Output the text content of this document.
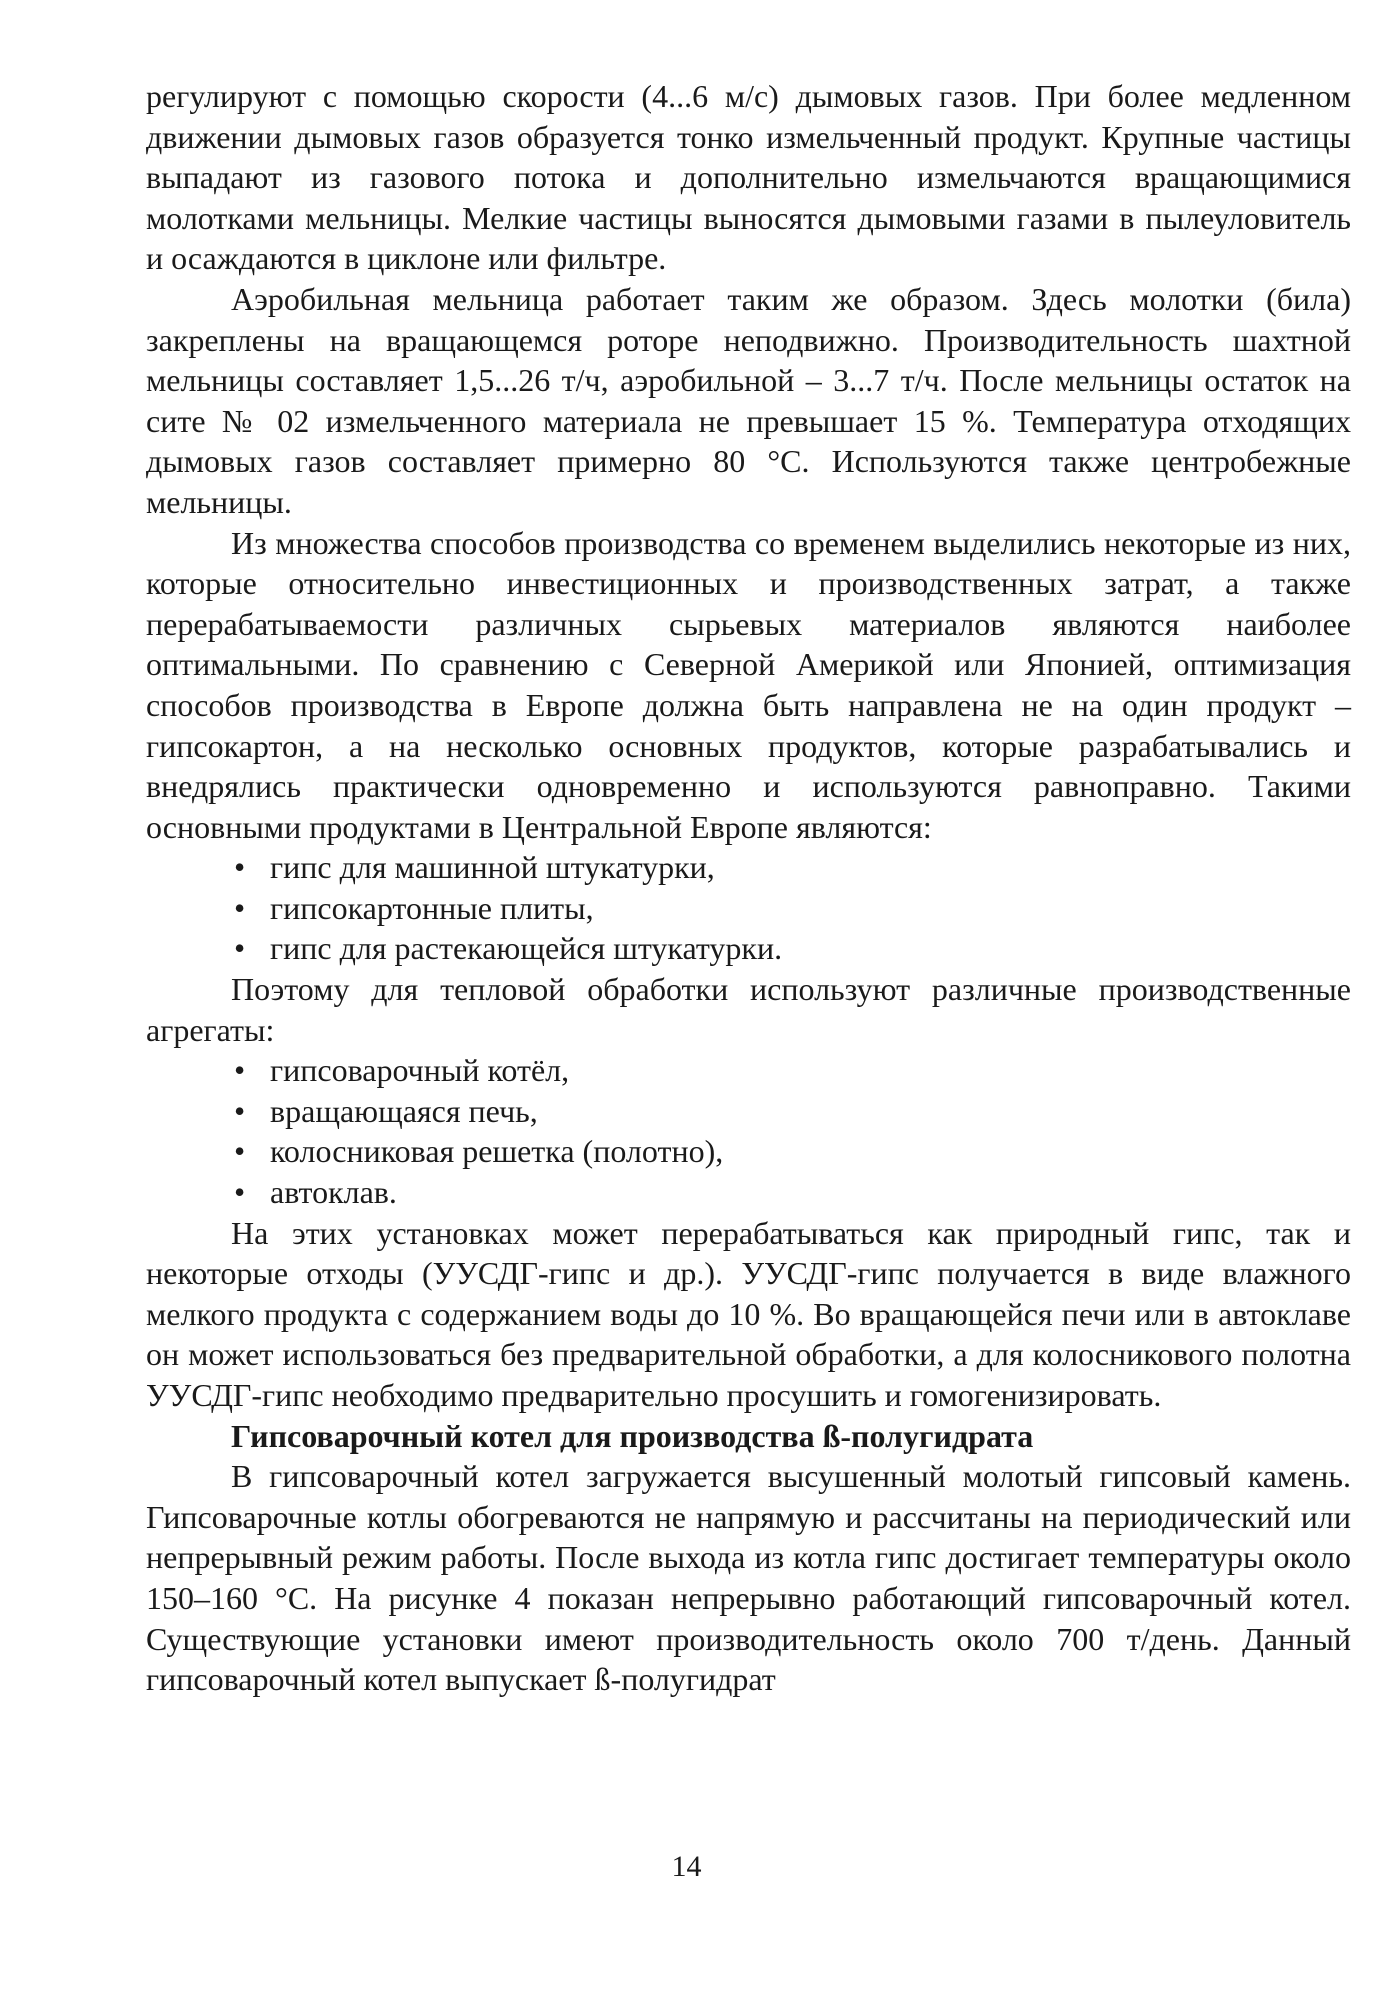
регулируют с помощью скорости (4...6 м/с) дымовых газов. При более медленном движении дымовых газов образуется тонко измельченный продукт. Крупные частицы выпадают из газового потока и дополнительно измельчаются вращающимися молотками мельницы. Мелкие частицы выносятся дымовыми газами в пылеуловитель и осаждаются в циклоне или фильтре.

Аэробильная мельница работает таким же образом. Здесь молотки (била) закреплены на вращающемся роторе неподвижно. Производительность шахтной мельницы составляет 1,5...26 т/ч, аэробильной – 3...7 т/ч. После мельницы остаток на сите № 02 измельченного материала не превышает 15 %. Температура отходящих дымовых газов составляет примерно 80 °C. Используются также центробежные мельницы.

Из множества способов производства со временем выделились некоторые из них, которые относительно инвестиционных и производственных затрат, а также перерабатываемости различных сырьевых материалов являются наиболее оптимальными. По сравнению с Северной Америкой или Японией, оптимизация способов производства в Европе должна быть направлена не на один продукт – гипсокартон, а на несколько основных продуктов, которые разрабатывались и внедрялись практически одновременно и используются равноправно. Такими основными продуктами в Центральной Европе являются:

• гипс для машинной штукатурки,
• гипсокартонные плиты,
• гипс для растекающейся штукатурки.

Поэтому для тепловой обработки используют различные производственные агрегаты:

• гипсоварочный котёл,
• вращающаяся печь,
• колосниковая решетка (полотно),
• автоклав.

На этих установках может перерабатываться как природный гипс, так и некоторые отходы (УУСДГ-гипс и др.). УУСДГ-гипс получается в виде влажного мелкого продукта с содержанием воды до 10 %. Во вращающейся печи или в автоклаве он может использоваться без предварительной обработки, а для колосникового полотна УУСДГ-гипс необходимо предварительно просушить и гомогенизировать.

Гипсоварочный котел для производства ß-полугидрата

В гипсоварочный котел загружается высушенный молотый гипсовый камень. Гипсоварочные котлы обогреваются не напрямую и рассчитаны на периодический или непрерывный режим работы. После выхода из котла гипс достигает температуры около 150–160 °C. На рисунке 4 показан непрерывно работающий гипсоварочный котел. Существующие установки имеют производительность около 700 т/день. Данный гипсоварочный котел выпускает ß-полугидрат

14
